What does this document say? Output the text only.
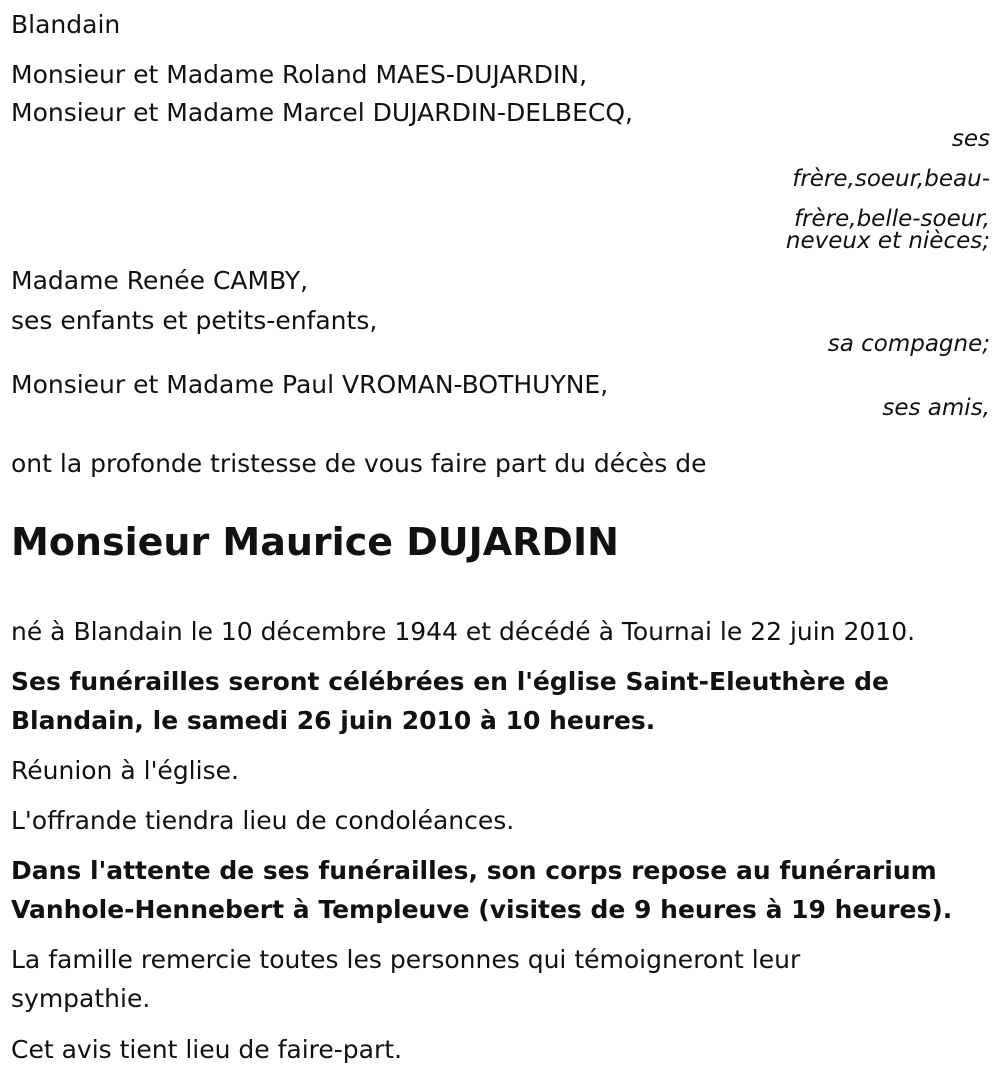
Blandain

Monsieur et Madame Roland MAES-DUJARDIN,

Monsieur et Madame Marcel DUJARDIN-DELBECQ,

ses

frère,soeur,beau-

frère,belle-soeur,

neveux et nièces;

Madame Renée CAMBY,

ses enfants et petits-enfants,

sa compagne;

Monsieur et Madame Paul VROMAN-BOTHUYNE,

ses amis,

ont la profonde tristesse de vous faire part du décès de

Monsieur Maurice DUJARDIN

né à Blandain le 10 décembre 1944 et décédé à Tournai le 22 juin 2010.

Ses funérailles seront célébrées en l'église Saint-Eleuthère de

Blandain, le samedi 26 juin 2010 à 10 heures.

Réunion à l'église.

L'offrande tiendra lieu de condoléances.

Dans l'attente de ses funérailles, son corps repose au funérarium

Vanhole-Hennebert à Templeuve (visites de 9 heures à 19 heures).

La famille remercie toutes les personnes qui témoigneront leur

sympathie.

Cet avis tient lieu de faire-part.
